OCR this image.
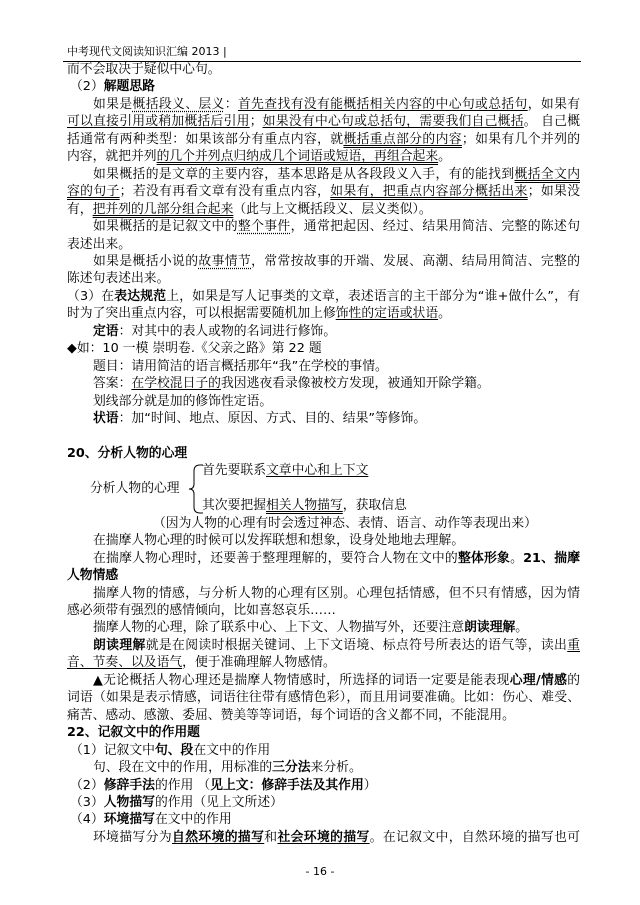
中考现代文阅读知识汇编 2013 |
而不会取决于疑似中心句。
（2）解题思路
如果是概括段义、层义：首先查找有没有能概括相关内容的中心句或总括句，如果有
可以直接引用或稍加概括后引用；如果没有中心句或总括句，需要我们自己概括。 自己概
括通常有两种类型：如果该部分有重点内容，就概括重点部分的内容；如果有几个并列的
内容，就把并列的几个并列点归纳成几个词语或短语，再组合起来。
如果概括的是文章的主要内容，基本思路是从各段段义入手，有的能找到概括全文内
容的句子；若没有再看文章有没有重点内容，如果有，把重点内容部分概括出来；如果没
有，把并列的几部分组合起来（此与上文概括段义、层义类似）。
如果概括的是记叙文中的整个事件，通常把起因、经过、结果用简洁、完整的陈述句
表述出来。
如果是概括小说的故事情节，常常按故事的开端、发展、高潮、结局用简洁、完整的
陈述句表述出来。
（3）在表达规范上，如果是写人记事类的文章，表述语言的主干部分为“谁+做什么”，有
时为了突出重点内容，可以根据需要随机加上修饰性的定语或状语。
定语：对其中的表人或物的名词进行修饰。
◆如：10 一模 崇明卷.《父亲之路》第 22 题
题目：请用简洁的语言概括那年“我”在学校的事情。
答案：在学校混日子的我因逃夜看录像被校方发现，被通知开除学籍。
划线部分就是加的修饰性定语。
状语：加“时间、地点、原因、方式、目的、结果”等修饰。
20、分析人物的心理
分析人物的心理
首先要联系文章中心和上下文
其次要把握相关人物描写，获取信息
（因为人物的心理有时会透过神态、表情、语言、动作等表现出来）
在揣摩人物心理的时候可以发挥联想和想象，设身处地地去理解。
在揣摩人物心理时，还要善于整理理解的，要符合人物在文中的整体形象。21、揣摩
人物情感
揣摩人物的情感，与分析人物的心理有区别。心理包括情感，但不只有情感，因为情
感必须带有强烈的感情倾向，比如喜怒哀乐……
揣摩人物的心理，除了联系中心、上下文、人物描写外，还要注意朗读理解。
朗读理解就是在阅读时根据关键词、上下文语境、标点符号所表达的语气等，读出重
音、节奏、以及语气，便于准确理解人物感情。
▲无论概括人物心理还是揣摩人物情感时，所选择的词语一定要是能表现心理/情感的
词语（如果是表示情感，词语往往带有感情色彩），而且用词要准确。比如：伤心、难受、
痛苦、感动、感激、委屈、赞美等等词语，每个词语的含义都不同，不能混用。
22、记叙文中的作用题
（1）记叙文中句、段在文中的作用
句、段在文中的作用，用标准的三分法来分析。
（2）修辞手法的作用 （见上文：修辞手法及其作用）
（3）人物描写的作用（见上文所述）
（4）环境描写在文中的作用
环境描写分为自然环境的描写和社会环境的描写。在记叙文中，自然环境的描写也可
- 16 -
